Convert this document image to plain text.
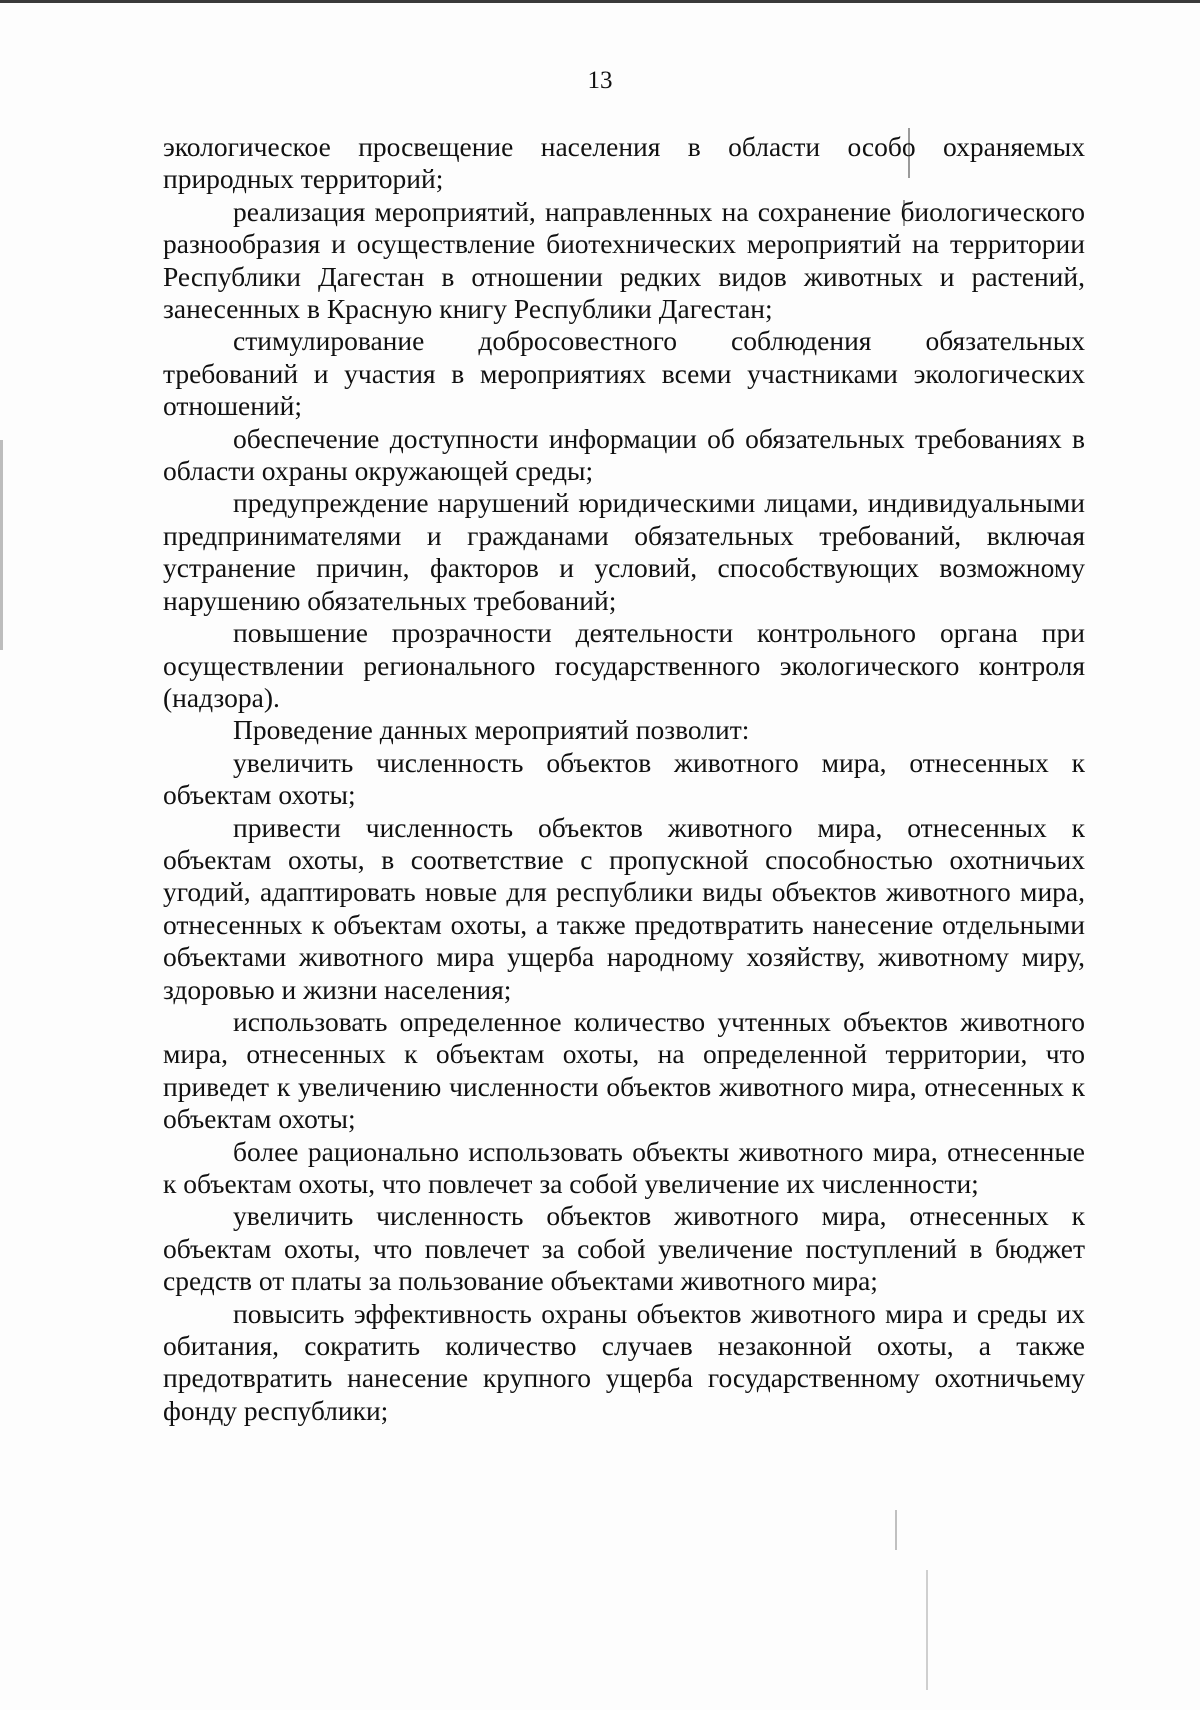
13

экологическое просвещение населения в области особо охраняемых природных территорий;

реализация мероприятий, направленных на сохранение биологического разнообразия и осуществление биотехнических мероприятий на территории Республики Дагестан в отношении редких видов животных и растений, занесенных в Красную книгу Республики Дагестан;

стимулирование добросовестного соблюдения обязательных требований и участия в мероприятиях всеми участниками экологических отношений;

обеспечение доступности информации об обязательных требованиях в области охраны окружающей среды;

предупреждение нарушений юридическими лицами, индивидуальными предпринимателями и гражданами обязательных требований, включая устранение причин, факторов и условий, способствующих возможному нарушению обязательных требований;

повышение прозрачности деятельности контрольного органа при осуществлении регионального государственного экологического контроля (надзора).

Проведение данных мероприятий позволит:

увеличить численность объектов животного мира, отнесенных к объектам охоты;

привести численность объектов животного мира, отнесенных к объектам охоты, в соответствие с пропускной способностью охотничьих угодий, адаптировать новые для республики виды объектов животного мира, отнесенных к объектам охоты, а также предотвратить нанесение отдельными объектами животного мира ущерба народному хозяйству, животному миру, здоровью и жизни населения;

использовать определенное количество учтенных объектов животного мира, отнесенных к объектам охоты, на определенной территории, что приведет к увеличению численности объектов животного мира, отнесенных к объектам охоты;

более рационально использовать объекты животного мира, отнесенные к объектам охоты, что повлечет за собой увеличение их численности;

увеличить численность объектов животного мира, отнесенных к объектам охоты, что повлечет за собой увеличение поступлений в бюджет средств от платы за пользование объектами животного мира;

повысить эффективность охраны объектов животного мира и среды их обитания, сократить количество случаев незаконной охоты, а также предотвратить нанесение крупного ущерба государственному охотничьему фонду республики;
